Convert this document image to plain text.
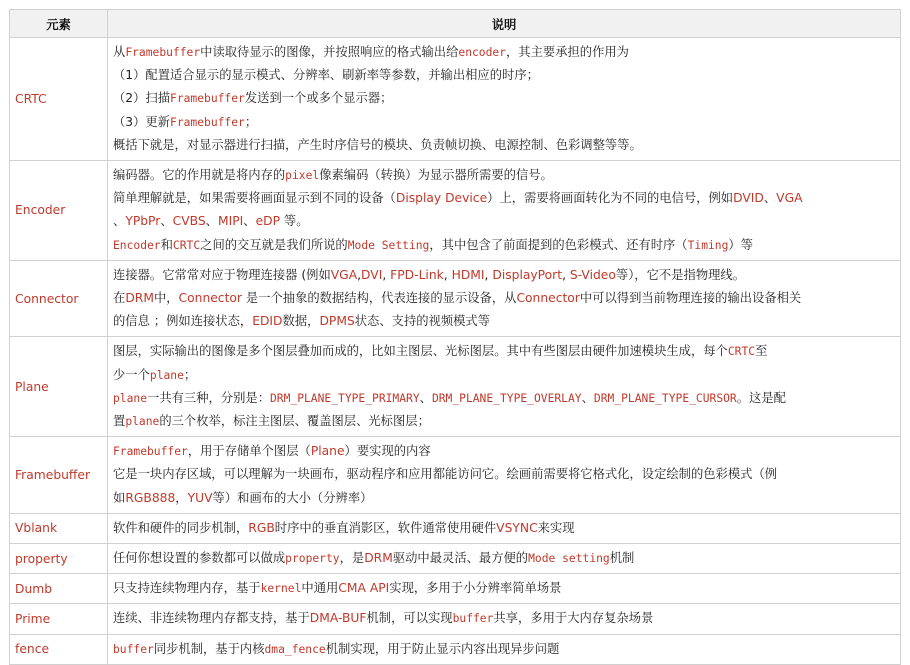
元素	说明
CRTC	从Framebuffer中读取待显示的图像，并按照响应的格式输出给encoder，其主要承担的作用为
（1）配置适合显示的显示模式、分辨率、刷新率等参数，并输出相应的时序；
（2）扫描Framebuffer发送到一个或多个显示器；
（3）更新Framebuffer；
概括下就是，对显示器进行扫描，产生时序信号的模块、负责帧切换、电源控制、色彩调整等等。

Encoder	编码器。它的作用就是将内存的pixel像素编码（转换）为显示器所需要的信号。
简单理解就是，如果需要将画面显示到不同的设备（Display Device）上，需要将画面转化为不同的电信号，例如DVID、VGA
、YPbPr、CVBS、MIPI、eDP 等。
Encoder和CRTC之间的交互就是我们所说的Mode Setting，其中包含了前面提到的色彩模式、还有时序（Timing）等

Connector	连接器。它常常对应于物理连接器 (例如VGA,DVI, FPD-Link, HDMI, DisplayPort, S-Video等），它不是指物理线。
在DRM中，Connector 是一个抽象的数据结构，代表连接的显示设备，从Connector中可以得到当前物理连接的输出设备相关
的信息 ；例如连接状态，EDID数据，DPMS状态、支持的视频模式等

Plane	图层，实际输出的图像是多个图层叠加而成的，比如主图层、光标图层。其中有些图层由硬件加速模块生成，每个CRTC至
少一个plane；
plane一共有三种，分别是：DRM_PLANE_TYPE_PRIMARY、DRM_PLANE_TYPE_OVERLAY、DRM_PLANE_TYPE_CURSOR。这是配
置plane的三个枚举，标注主图层、覆盖图层、光标图层；

Framebuffer	Framebuffer，用于存储单个图层（Plane）要实现的内容
它是一块内存区域，可以理解为一块画布，驱动程序和应用都能访问它。绘画前需要将它格式化，设定绘制的色彩模式（例
如RGB888，YUV等）和画布的大小（分辨率）

Vblank	软件和硬件的同步机制，RGB时序中的垂直消影区，软件通常使用硬件VSYNC来实现

property	任何你想设置的参数都可以做成property，是DRM驱动中最灵活、最方便的Mode setting机制

Dumb	只支持连续物理内存，基于kernel中通用CMA API实现，多用于小分辨率简单场景

Prime	连续、非连续物理内存都支持，基于DMA-BUF机制，可以实现buffer共享，多用于大内存复杂场景

fence	buffer同步机制，基于内核dma_fence机制实现，用于防止显示内容出现异步问题
